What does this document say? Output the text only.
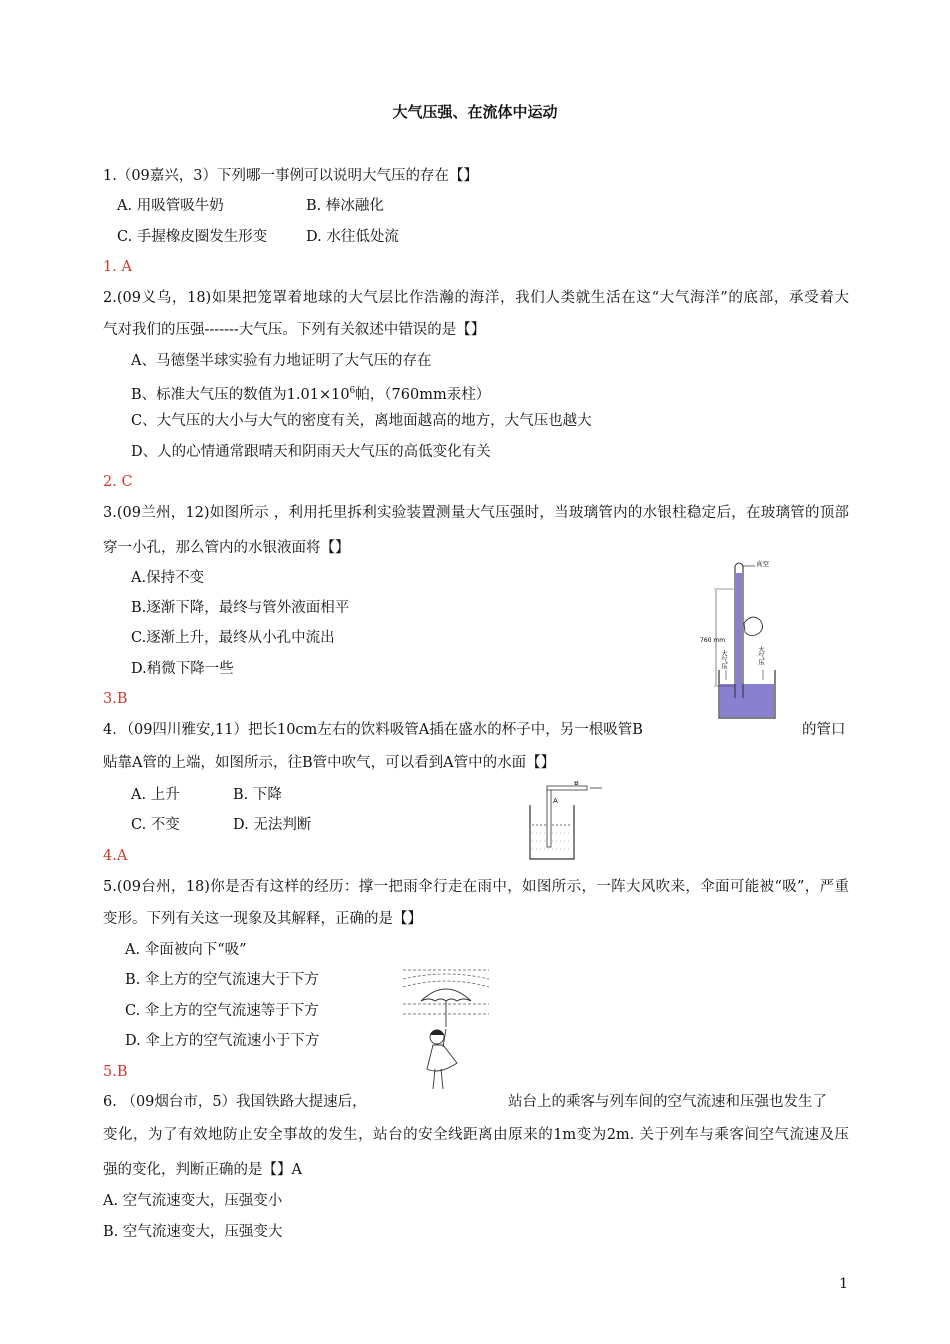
大气压强、在流体中运动
1.（09嘉兴，3）下列哪一事例可以说明大气压的存在【】
A. 用吸管吸牛奶	B. 棒冰融化
C. 手握橡皮圈发生形变	D. 水往低处流
1. A
2.(09义乌，18)如果把笼罩着地球的大气层比作浩瀚的海洋，我们人类就生活在这“大气海洋”的底部，承受着大
气对我们的压强-------大气压。下列有关叙述中错误的是【】
A、马德堡半球实验有力地证明了大气压的存在
B、标准大气压的数值为$1.01\times 10^6$帕，（760mm汞柱）
C、大气压的大小与大气的密度有关，离地面越高的地方，大气压也越大
D、人的心情通常跟晴天和阴雨天大气压的高低变化有关
2. C
3.(09兰州，12)如图所示 ，利用托里拆利实验装置测量大气压强时，当玻璃管内的水银柱稳定后，在玻璃管的顶部
穿一小孔，那么管内的水银液面将【】
A.保持不变
B.逐渐下降，最终与管外液面相平
C.逐渐上升，最终从小孔中流出
D.稍微下降一些
3.B
真空
760 mm
大气压	大气压
4．（09四川雅安,11）把长10cm左右的饮料吸管A插在盛水的杯子中，另一根吸管B	的管口
贴靠A管的上端，如图所示，往B管中吹气，可以看到A管中的水面【】
A. 上升	B. 下降
C. 不变	D. 无法判断
4.A
A
B
5.(09台州，18)你是否有这样的经历：撑一把雨伞行走在雨中，如图所示，一阵大风吹来，伞面可能被“吸”，严重
变形。下列有关这一现象及其解释，正确的是【】
A. 伞面被向下“吸”
B. 伞上方的空气流速大于下方
C. 伞上方的空气流速等于下方
D. 伞上方的空气流速小于下方
5.B
6. （09烟台市，5）我国铁路大提速后，	站台上的乘客与列车间的空气流速和压强也发生了
变化，为了有效地防止安全事故的发生，站台的安全线距离由原来的1m变为2m. 关于列车与乘客间空气流速及压
强的变化，判断正确的是【】A
A. 空气流速变大，压强变小
B. 空气流速变大，压强变大
1
